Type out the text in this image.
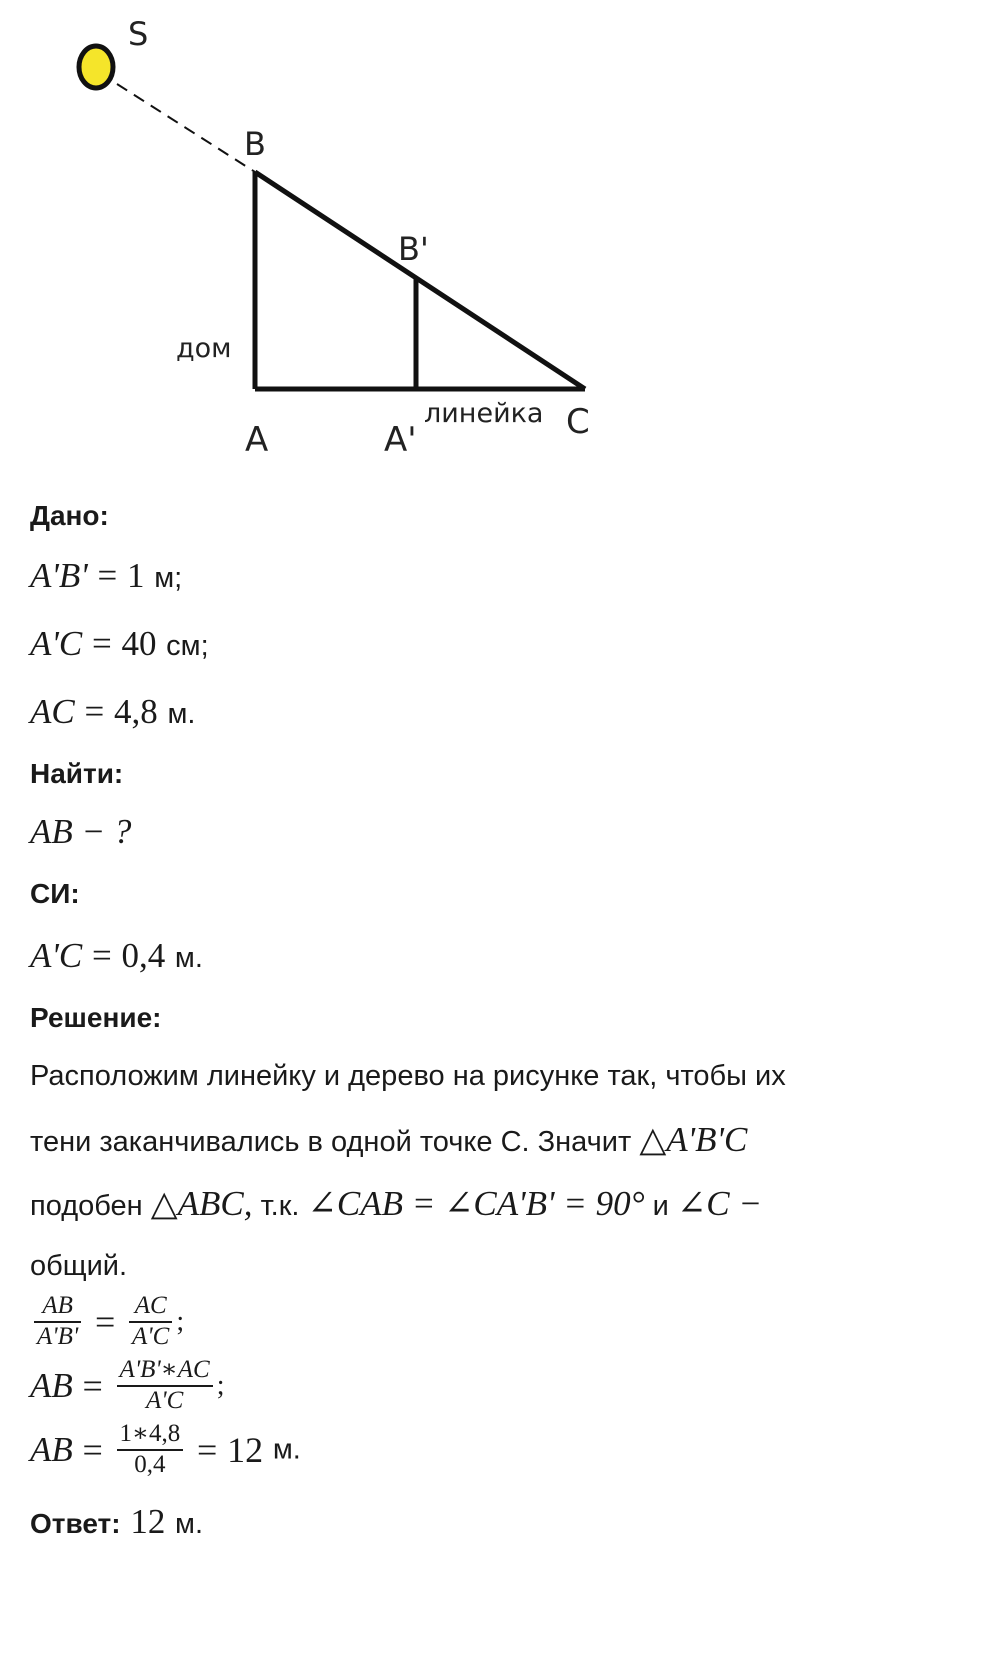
S
B
B'
дом
A	A'
линейка C
Дано:
A'B' = 1 м;
A'C = 40 см;
AC = 4,8 м.
Найти:
AB − ?
СИ:
A'C = 0,4 м.
Решение:
Расположим линейку и дерево на рисунке так, чтобы их
тени заканчивались в одной точке С. Значит △A'B'C
подобен △ABC, т.к. ∠CAB = ∠CA'B' = 90° и ∠C −
общий.
$\frac{AB}{A'B'} = \frac{AC}{A'C}$ ;
AB = $\frac{A'B'∗AC}{A'C}$ ;
AB = $\frac{1∗4,8}{0,4} = 12$ м.
Ответ: 12 м.
